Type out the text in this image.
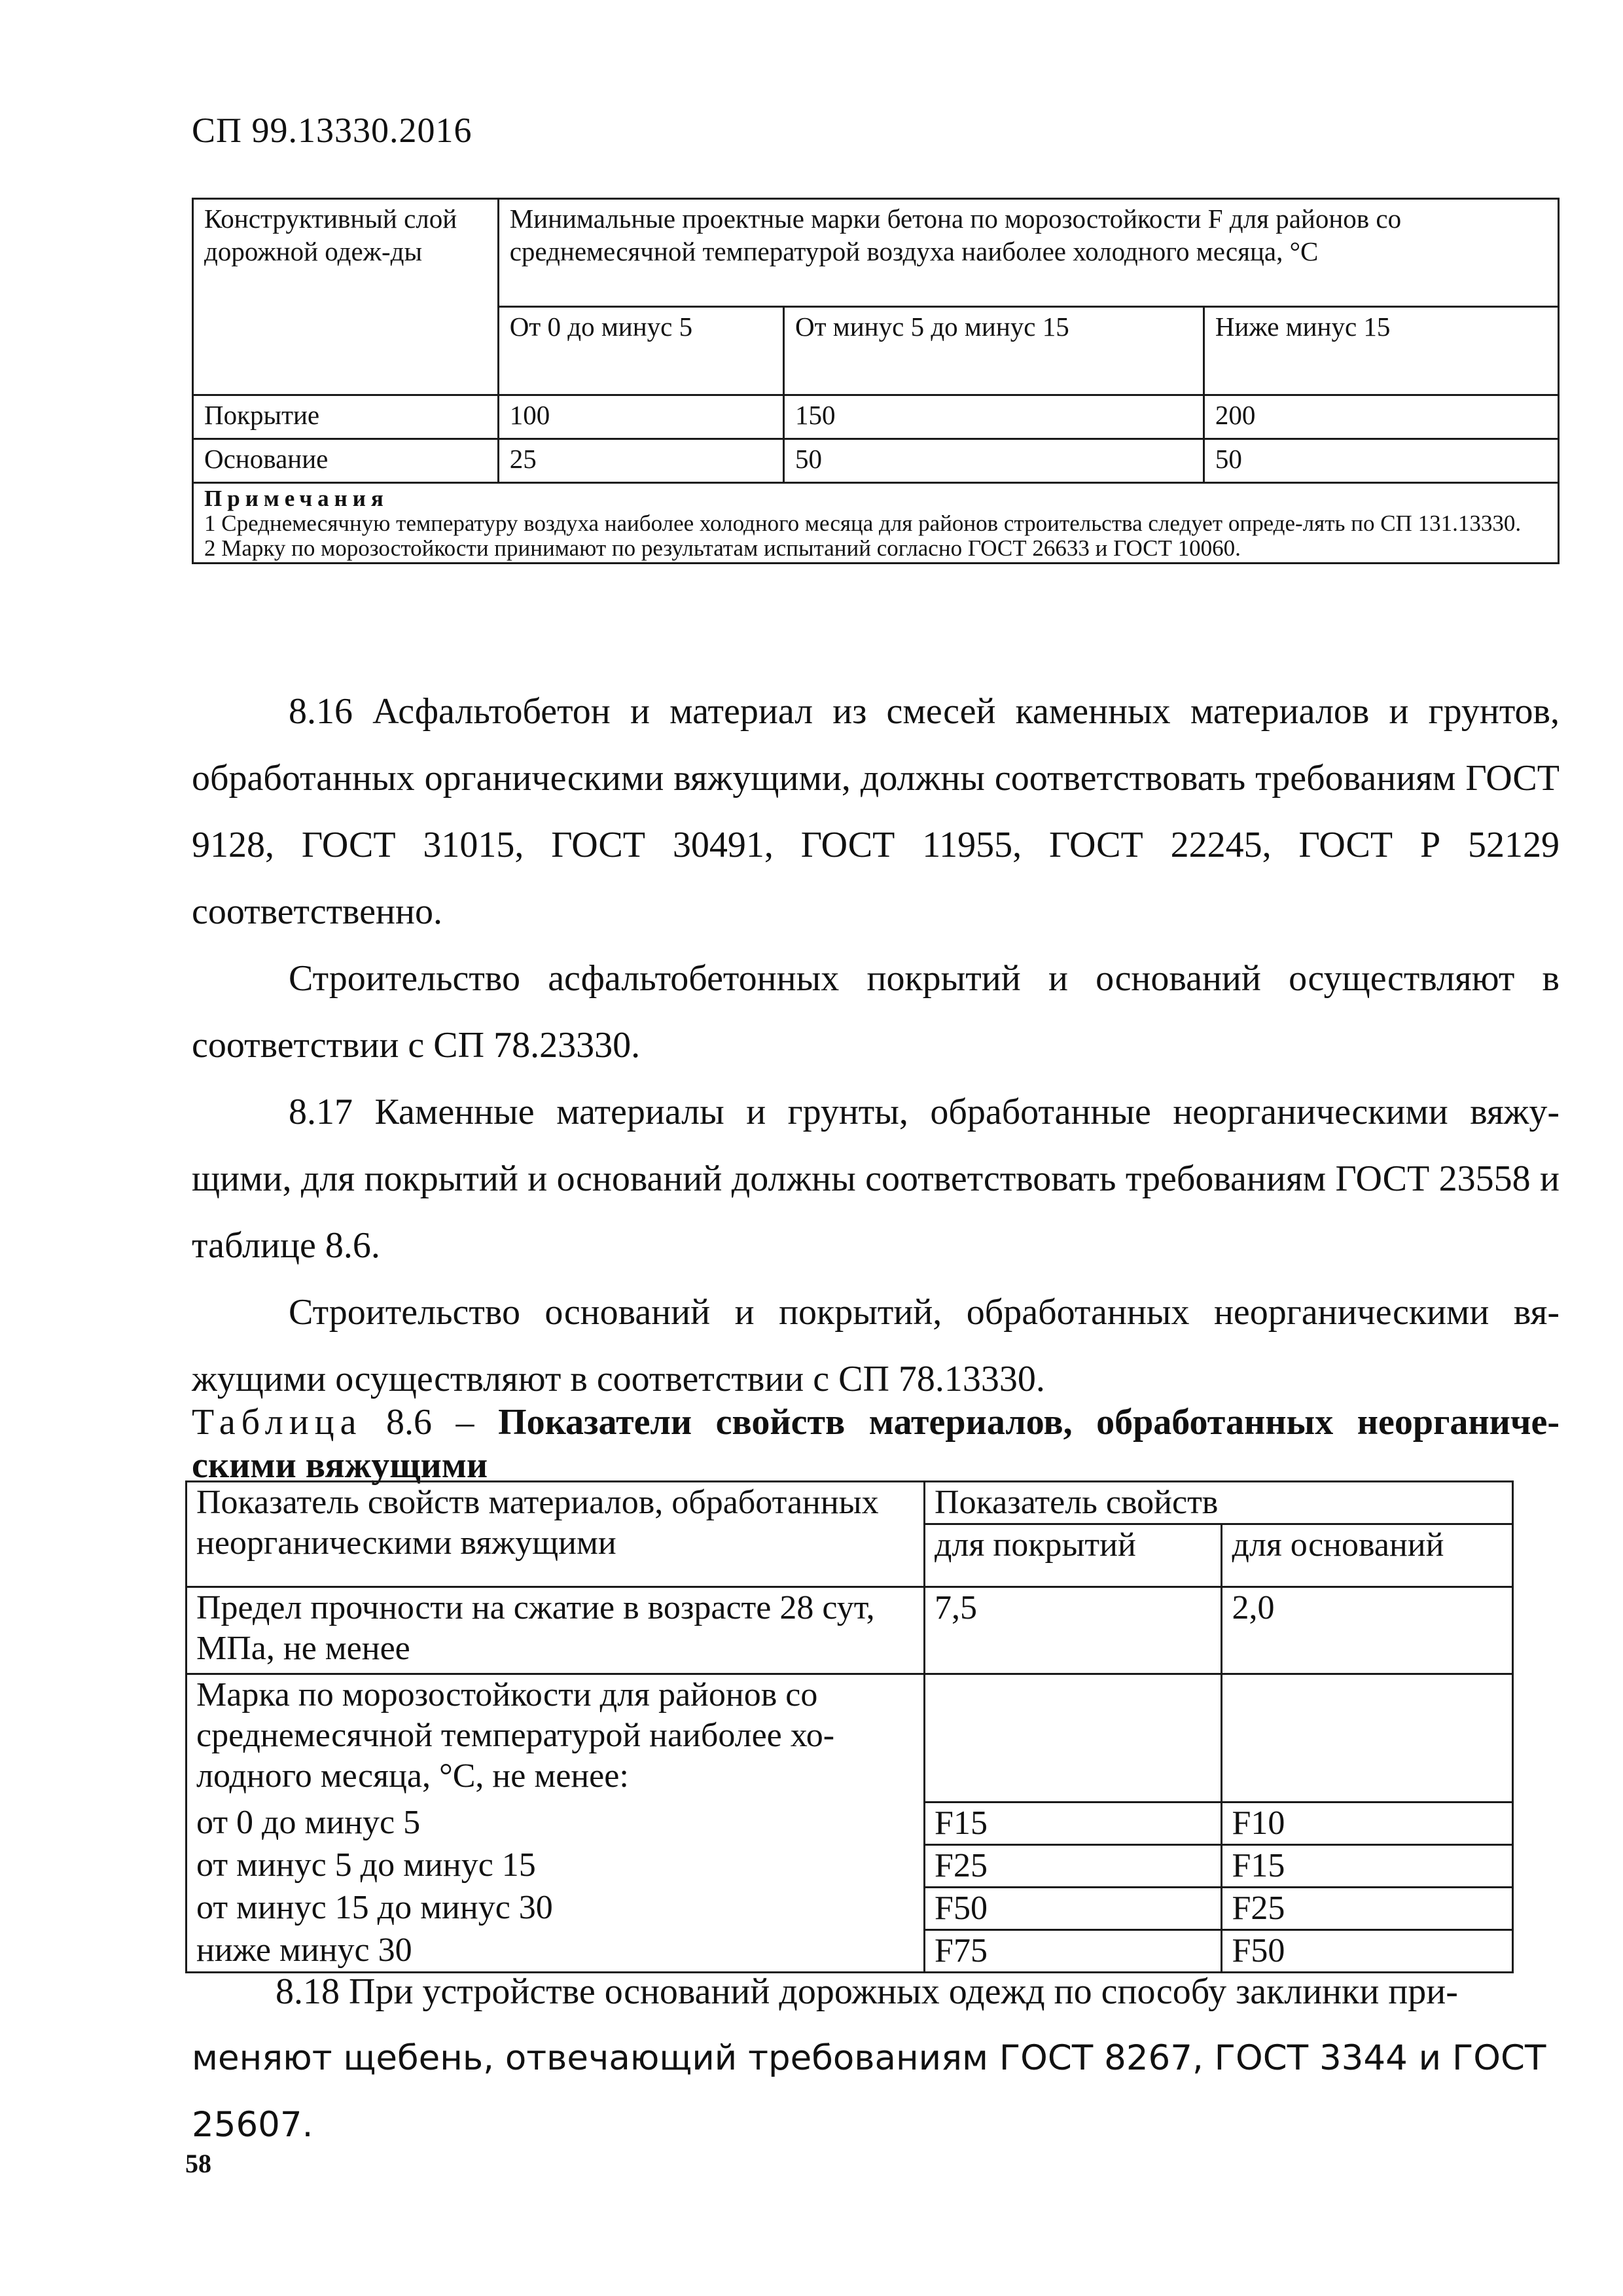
СП 99.13330.2016
Конструктивный слой дорожной одеж-ды	Минимальные проектные марки бетона по морозостойкости F для районов со среднемесячной температурой воздуха наиболее холодного месяца, °С		
	От 0 до минус 5	От минус 5 до минус 15	Ниже минус 15
Покрытие	100	150	200
Основание	25	50	50

Примечания
1 Среднемесячную температуру воздуха наиболее холодного месяца для районов строительства следует опреде-лять по СП 131.13330.
2 Марку по морозостойкости принимают по результатам испытаний согласно ГОСТ 26633 и ГОСТ 10060.			
8.16 Асфальтобетон и материал из смесей каменных материалов и грунтов, обработанных органическими вяжущими, должны соответствовать требованиям ГОСТ 9128, ГОСТ 31015, ГОСТ 30491, ГОСТ 11955, ГОСТ 22245, ГОСТ Р 52129 соответственно.
Строительство асфальтобетонных покрытий и оснований осуществляют в соответствии с СП 78.23330.
8.17 Каменные материалы и грунты, обработанные неорганическими вяжу-щими, для покрытий и оснований должны соответствовать требованиям ГОСТ 23558 и таблице 8.6.
Строительство оснований и покрытий, обработанных неорганическими вя-жущими осуществляют в соответствии с СП 78.13330.
Таблица 8.6 – Показатели свойств материалов, обработанных неорганиче-скими вяжущими
Показатель свойств материалов, обработанных неорганическими вяжущими	Показатель свойств	
	для покрытий	для оснований
Предел прочности на сжатие в возрасте 28 сут, МПа, не менее	7,5	2,0
Марка по морозостойкости для районов со среднемесячной температурой наиболее хо-лодного месяца, °С, не менее:		
от 0 до минус 5	F15	F10
от минус 5 до минус 15	F25	F15
от минус 15 до минус 30	F50	F25
ниже минус 30	F75	F50
8.18 При устройстве оснований дорожных одежд по способу заклинки при-
меняют щебень, отвечающий требованиям ГОСТ 8267, ГОСТ 3344 и ГОСТ 25607.
58
